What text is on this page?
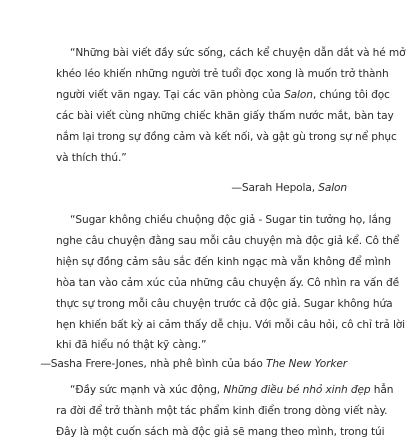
“Những bài viết đầy sức sống, cách kể chuyện dẫn dắt và hé mở
khéo léo khiến những người trẻ tuổi đọc xong là muốn trở thành
người viết văn ngay. Tại các văn phòng của Salon, chúng tôi đọc
các bài viết cùng những chiếc khăn giấy thấm nước mắt, bàn tay
nắm lại trong sự đồng cảm và kết nối, và gật gù trong sự nể phục
và thích thú.”

—Sarah Hepola, Salon

“Sugar không chiều chuộng độc giả - Sugar tin tưởng họ, lắng
nghe câu chuyện đằng sau mỗi câu chuyện mà độc giả kể. Cô thể
hiện sự đồng cảm sâu sắc đến kinh ngạc mà vẫn không để mình
hòa tan vào cảm xúc của những câu chuyện ấy. Cô nhìn ra vấn đề
thực sự trong mỗi câu chuyện trước cả độc giả. Sugar không hứa
hẹn khiến bất kỳ ai cảm thấy dễ chịu. Với mỗi câu hỏi, cô chỉ trả lời
khi đã hiểu nó thật kỹ càng.”

—Sasha Frere-Jones, nhà phê bình của báo The New Yorker

“Đầy sức mạnh và xúc động, Những điều bé nhỏ xinh đẹp hẳn
ra đời để trở thành một tác phẩm kinh điển trong dòng viết này.
Đây là một cuốn sách mà độc giả sẽ mang theo mình, trong túi
